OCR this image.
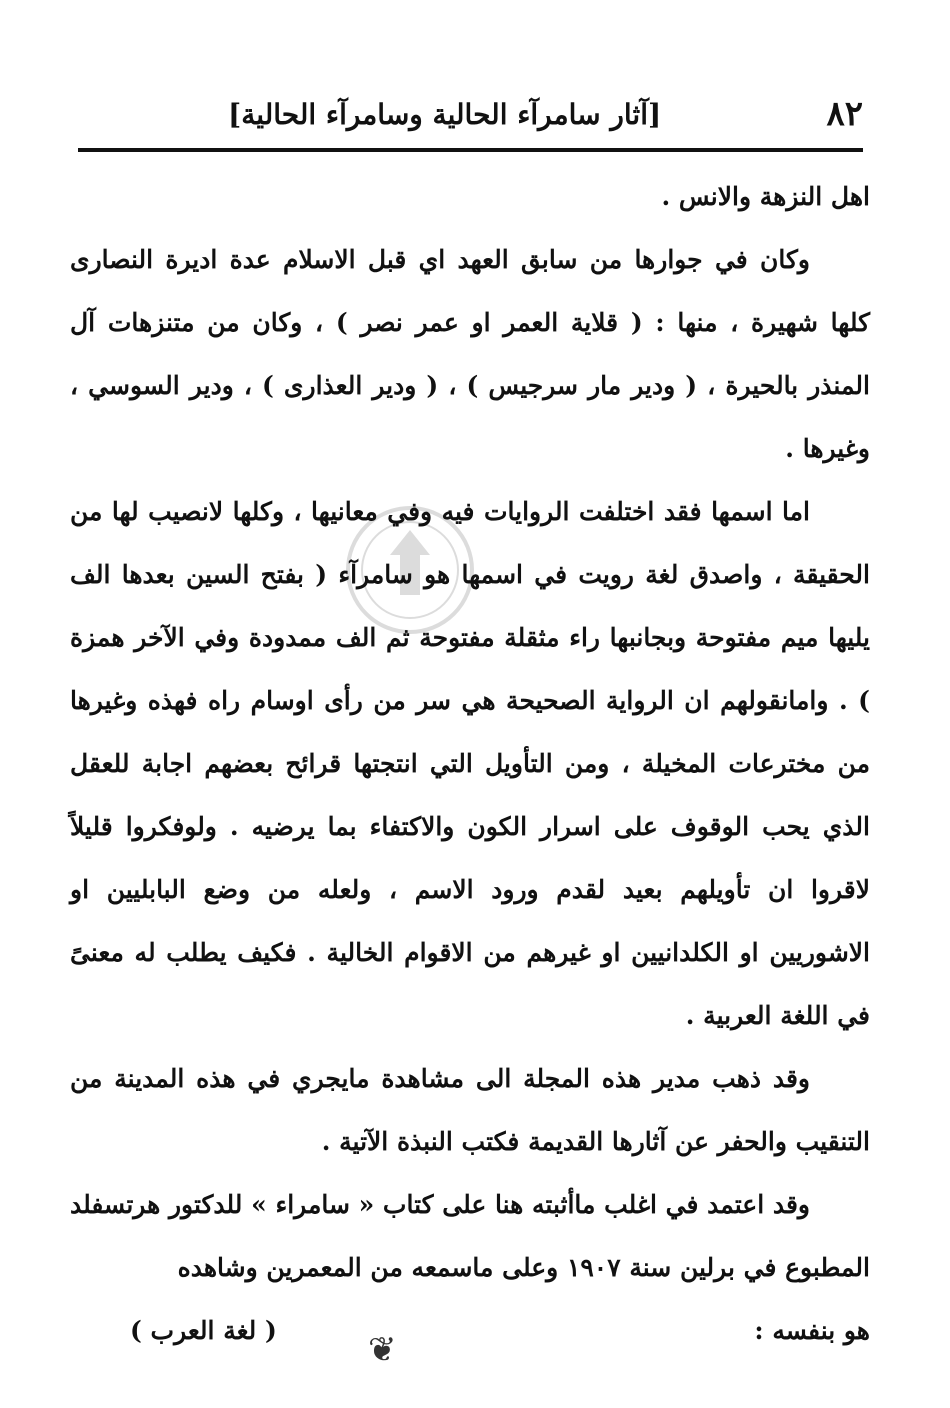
٨٢
[آثار سامرآء الحالية وسامرآء الحالية]

اهل النزهة والانس .

وكان في جوارها من سابق العهد اي قبل الاسلام عدة اديرة النصارى كلها شهيرة ، منها : ( قلاية العمر او عمر نصر ) ، وكان من متنزهات آل المنذر بالحيرة ، ( ودير مار سرجيس ) ، ( ودير العذارى ) ، ودير السوسي ، وغيرها .

اما اسمها فقد اختلفت الروايات فيه وفي معانيها ، وكلها لانصيب لها من الحقيقة ، واصدق لغة رويت في اسمها هو سامرآء ( بفتح السين بعدها الف يليها ميم مفتوحة وبجانبها راء مثقلة مفتوحة ثم الف ممدودة وفي الآخر همزة ) . وامانقولهم ان الرواية الصحيحة هي سر من رأى اوسام راه فهذه وغيرها من مخترعات المخيلة ، ومن التأويل التي انتجتها قرائح بعضهم اجابة للعقل الذي يحب الوقوف على اسرار الكون والاكتفاء بما يرضيه . ولوفكروا قليلاً لاقروا ان تأويلهم بعيد لقدم ورود الاسم ، ولعله من وضع البابليين او الاشوريين او الكلدانيين او غيرهم من الاقوام الخالية . فكيف يطلب له معنىً في اللغة العربية .

وقد ذهب مدير هذه المجلة الى مشاهدة مايجري في هذه المدينة من التنقيب والحفر عن آثارها القديمة فكتب النبذة الآتية .

وقد اعتمد في اغلب ماأثبته هنا على كتاب « سامراء » للدكتور هرتسفلد المطبوع في برلين سنة ١٩٠٧ وعلى ماسمعه من المعمرين وشاهده

هو بنفسه :
( لغة العرب )	❦
